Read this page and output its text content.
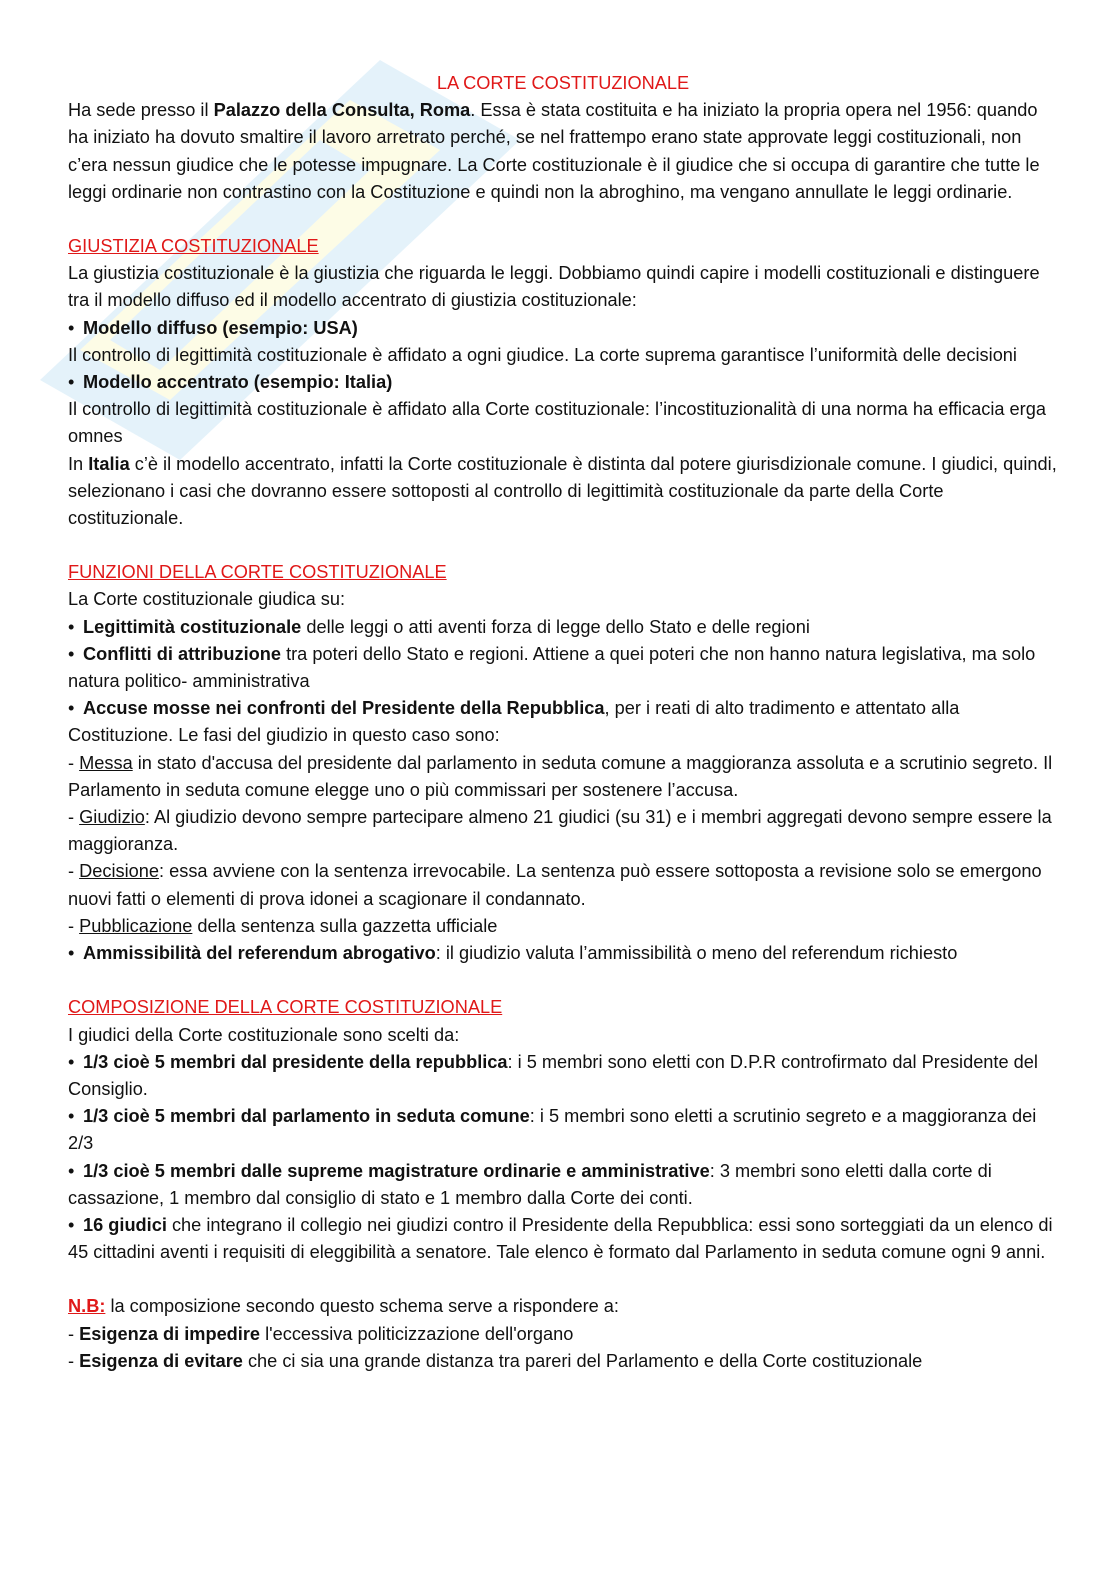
LA CORTE COSTITUZIONALE

Ha sede presso il Palazzo della Consulta, Roma. Essa è stata costituita e ha iniziato la propria opera nel 1956: quando ha iniziato ha dovuto smaltire il lavoro arretrato perché, se nel frattempo erano state approvate leggi costituzionali, non c’era nessun giudice che le potesse impugnare. La Corte costituzionale è il giudice che si occupa di garantire che tutte le leggi ordinarie non contrastino con la Costituzione e quindi non la abroghino, ma vengano annullate le leggi ordinarie.

GIUSTIZIA COSTITUZIONALE

La giustizia costituzionale è la giustizia che riguarda le leggi. Dobbiamo quindi capire i modelli costituzionali e distinguere tra il modello diffuso ed il modello accentrato di giustizia costituzionale:

• Modello diffuso (esempio: USA)

Il controllo di legittimità costituzionale è affidato a ogni giudice. La corte suprema garantisce l’uniformità delle decisioni

• Modello accentrato (esempio: Italia)

Il controllo di legittimità costituzionale è affidato alla Corte costituzionale: l’incostituzionalità di una norma ha efficacia erga omnes

In Italia c’è il modello accentrato, infatti la Corte costituzionale è distinta dal potere giurisdizionale comune. I giudici, quindi, selezionano i casi che dovranno essere sottoposti al controllo di legittimità costituzionale da parte della Corte costituzionale.

FUNZIONI DELLA CORTE COSTITUZIONALE

La Corte costituzionale giudica su:

• Legittimità costituzionale delle leggi o atti aventi forza di legge dello Stato e delle regioni

• Conflitti di attribuzione tra poteri dello Stato e regioni. Attiene a quei poteri che non hanno natura legislativa, ma solo natura politico- amministrativa

• Accuse mosse nei confronti del Presidente della Repubblica, per i reati di alto tradimento e attentato alla Costituzione. Le fasi del giudizio in questo caso sono:

- Messa in stato d'accusa del presidente dal parlamento in seduta comune a maggioranza assoluta e a scrutinio segreto. Il Parlamento in seduta comune elegge uno o più commissari per sostenere l’accusa.

- Giudizio: Al giudizio devono sempre partecipare almeno 21 giudici (su 31) e i membri aggregati devono sempre essere la maggioranza.

- Decisione: essa avviene con la sentenza irrevocabile. La sentenza può essere sottoposta a revisione solo se emergono nuovi fatti o elementi di prova idonei a scagionare il condannato.

- Pubblicazione della sentenza sulla gazzetta ufficiale

• Ammissibilità del referendum abrogativo: il giudizio valuta l’ammissibilità o meno del referendum richiesto

COMPOSIZIONE DELLA CORTE COSTITUZIONALE

I giudici della Corte costituzionale sono scelti da:

• 1/3 cioè 5 membri dal presidente della repubblica: i 5 membri sono eletti con D.P.R controfirmato dal Presidente del Consiglio.

• 1/3 cioè 5 membri dal parlamento in seduta comune: i 5 membri sono eletti a scrutinio segreto e a maggioranza dei 2/3

• 1/3 cioè 5 membri dalle supreme magistrature ordinarie e amministrative: 3 membri sono eletti dalla corte di cassazione, 1 membro dal consiglio di stato e 1 membro dalla Corte dei conti.

• 16 giudici che integrano il collegio nei giudizi contro il Presidente della Repubblica: essi sono sorteggiati da un elenco di 45 cittadini aventi i requisiti di eleggibilità a senatore. Tale elenco è formato dal Parlamento in seduta comune ogni 9 anni.

N.B: la composizione secondo questo schema serve a rispondere a:

- Esigenza di impedire l'eccessiva politicizzazione dell'organo

- Esigenza di evitare che ci sia una grande distanza tra pareri del Parlamento e della Corte costituzionale
